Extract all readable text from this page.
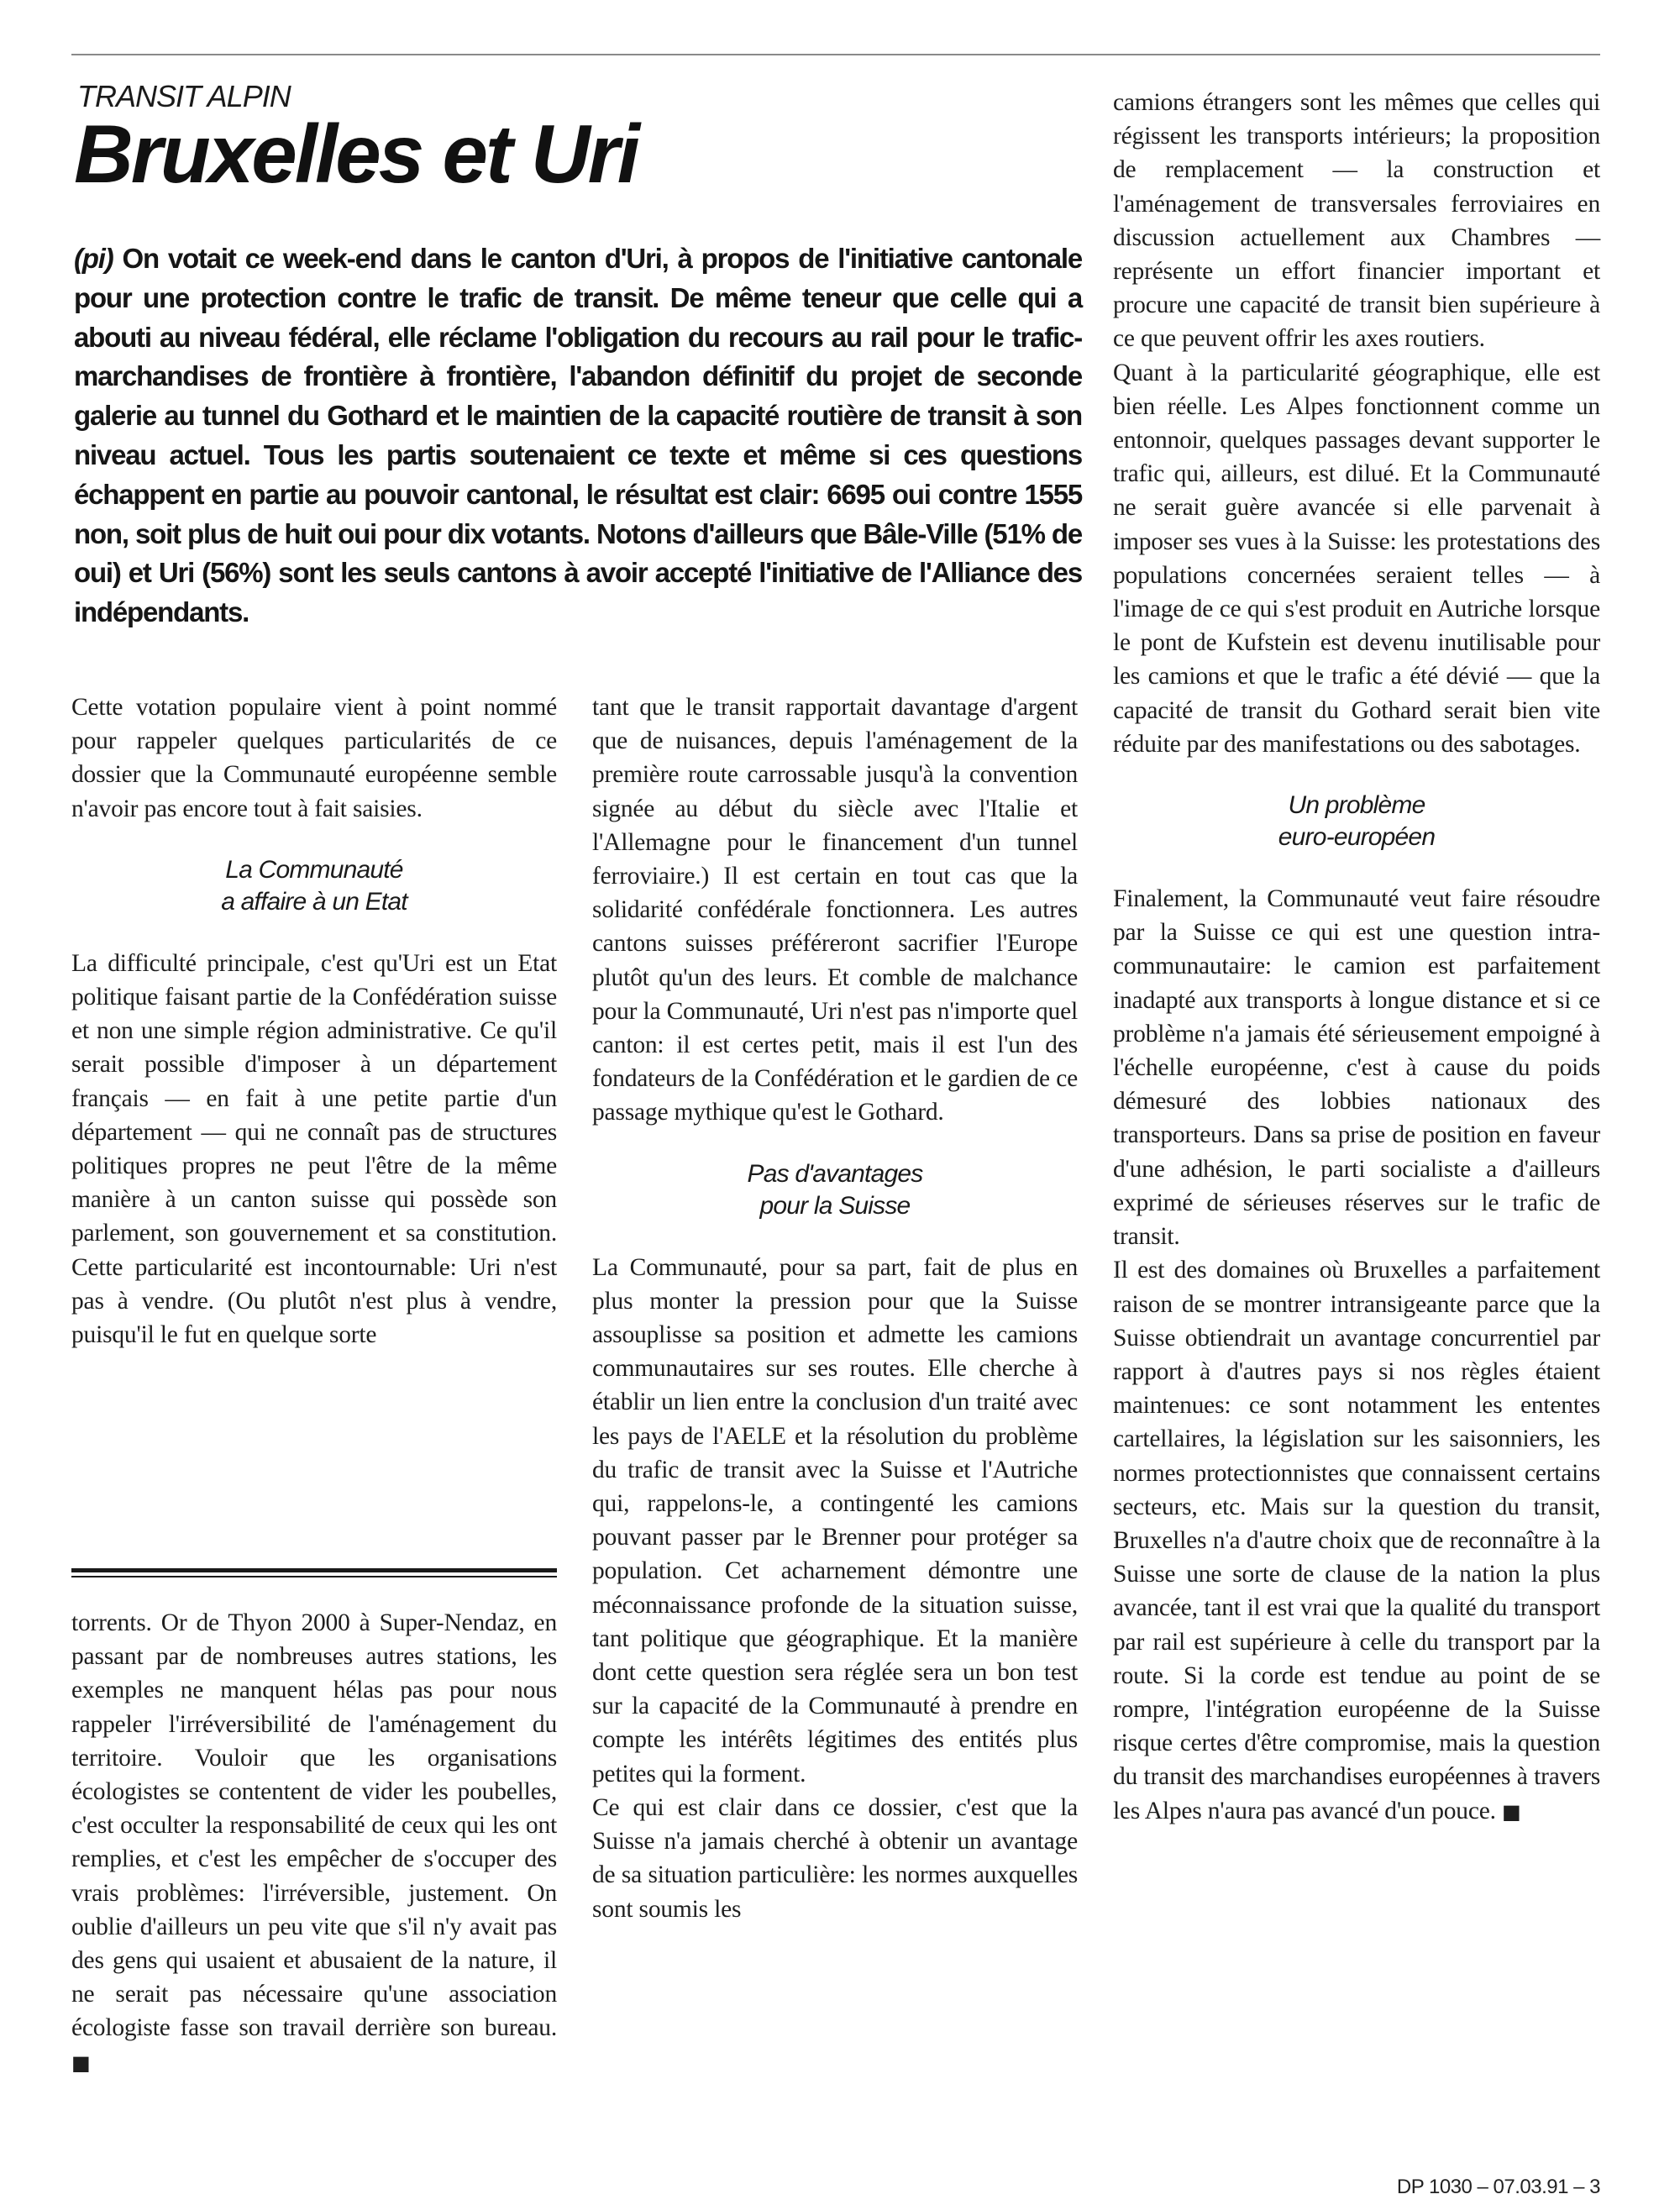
TRANSIT ALPIN
Bruxelles et Uri
(pi) On votait ce week-end dans le canton d'Uri, à propos de l'initiative cantonale pour une protection contre le trafic de transit. De même teneur que celle qui a abouti au niveau fédéral, elle réclame l'obligation du recours au rail pour le trafic-marchandises de frontière à frontière, l'abandon définitif du projet de seconde galerie au tunnel du Gothard et le maintien de la capacité routière de transit à son niveau actuel. Tous les partis soutenaient ce texte et même si ces questions échappent en partie au pouvoir cantonal, le résultat est clair: 6695 oui contre 1555 non, soit plus de huit oui pour dix votants. Notons d'ailleurs que Bâle-Ville (51% de oui) et Uri (56%) sont les seuls cantons à avoir accepté l'initiative de l'Alliance des indépendants.

Cette votation populaire vient à point nommé pour rappeler quelques particularités de ce dossier que la Communauté européenne semble n'avoir pas encore tout à fait saisies.

La Communauté
a affaire à un Etat

La difficulté principale, c'est qu'Uri est un Etat politique faisant partie de la Confédération suisse et non une simple région administrative. Ce qu'il serait possible d'imposer à un département français — en fait à une petite partie d'un département — qui ne connaît pas de structures politiques propres ne peut l'être de la même manière à un canton suisse qui possède son parlement, son gouvernement et sa constitution. Cette particularité est incontournable: Uri n'est pas à vendre. (Ou plutôt n'est plus à vendre, puisqu'il le fut en quelque sorte

torrents. Or de Thyon 2000 à Super-Nendaz, en passant par de nombreuses autres stations, les exemples ne manquent hélas pas pour nous rappeler l'irréversibilité de l'aménagement du territoire. Vouloir que les organisations écologistes se contentent de vider les poubelles, c'est occulter la responsabilité de ceux qui les ont remplies, et c'est les empêcher de s'occuper des vrais problèmes: l'irréversible, justement. On oublie d'ailleurs un peu vite que s'il n'y avait pas des gens qui usaient et abusaient de la nature, il ne serait pas nécessaire qu'une association écologiste fasse son travail derrière son bureau. ■

tant que le transit rapportait davantage d'argent que de nuisances, depuis l'aménagement de la première route carrossable jusqu'à la convention signée au début du siècle avec l'Italie et l'Allemagne pour le financement d'un tunnel ferroviaire.) Il est certain en tout cas que la solidarité confédérale fonctionnera. Les autres cantons suisses préféreront sacrifier l'Europe plutôt qu'un des leurs. Et comble de malchance pour la Communauté, Uri n'est pas n'importe quel canton: il est certes petit, mais il est l'un des fondateurs de la Confédération et le gardien de ce passage mythique qu'est le Gothard.

Pas d'avantages
pour la Suisse

La Communauté, pour sa part, fait de plus en plus monter la pression pour que la Suisse assouplisse sa position et admette les camions communautaires sur ses routes. Elle cherche à établir un lien entre la conclusion d'un traité avec les pays de l'AELE et la résolution du problème du trafic de transit avec la Suisse et l'Autriche qui, rappelons-le, a contingenté les camions pouvant passer par le Brenner pour protéger sa population. Cet acharnement démontre une méconnaissance profonde de la situation suisse, tant politique que géographique. Et la manière dont cette question sera réglée sera un bon test sur la capacité de la Communauté à prendre en compte les intérêts légitimes des entités plus petites qui la forment.

Ce qui est clair dans ce dossier, c'est que la Suisse n'a jamais cherché à obtenir un avantage de sa situation particulière: les normes auxquelles sont soumis les

camions étrangers sont les mêmes que celles qui régissent les transports intérieurs; la proposition de remplacement — la construction et l'aménagement de transversales ferroviaires en discussion actuellement aux Chambres — représente un effort financier important et procure une capacité de transit bien supérieure à ce que peuvent offrir les axes routiers.

Quant à la particularité géographique, elle est bien réelle. Les Alpes fonctionnent comme un entonnoir, quelques passages devant supporter le trafic qui, ailleurs, est dilué. Et la Communauté ne serait guère avancée si elle parvenait à imposer ses vues à la Suisse: les protestations des populations concernées seraient telles — à l'image de ce qui s'est produit en Autriche lorsque le pont de Kufstein est devenu inutilisable pour les camions et que le trafic a été dévié — que la capacité de transit du Gothard serait bien vite réduite par des manifestations ou des sabotages.

Un problème
euro-européen

Finalement, la Communauté veut faire résoudre par la Suisse ce qui est une question intra-communautaire: le camion est parfaitement inadapté aux transports à longue distance et si ce problème n'a jamais été sérieusement empoigné à l'échelle européenne, c'est à cause du poids démesuré des lobbies nationaux des transporteurs. Dans sa prise de position en faveur d'une adhésion, le parti socialiste a d'ailleurs exprimé de sérieuses réserves sur le trafic de transit.

Il est des domaines où Bruxelles a parfaitement raison de se montrer intransigeante parce que la Suisse obtiendrait un avantage concurrentiel par rapport à d'autres pays si nos règles étaient maintenues: ce sont notamment les ententes cartellaires, la législation sur les saisonniers, les normes protectionnistes que connaissent certains secteurs, etc. Mais sur la question du transit, Bruxelles n'a d'autre choix que de reconnaître à la Suisse une sorte de clause de la nation la plus avancée, tant il est vrai que la qualité du transport par rail est supérieure à celle du transport par la route. Si la corde est tendue au point de se rompre, l'intégration européenne de la Suisse risque certes d'être compromise, mais la question du transit des marchandises européennes à travers les Alpes n'aura pas avancé d'un pouce. ■

DP 1030 – 07.03.91 – 3
